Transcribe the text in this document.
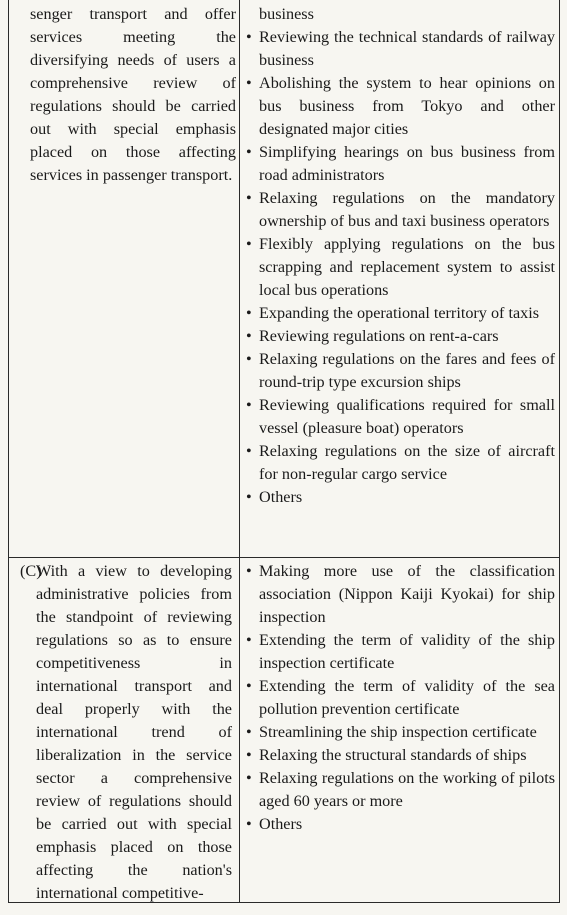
senger transport and offer services meeting the diversifying needs of users a comprehensive review of regulations should be carried out with special emphasis placed on those affecting services in passenger transport.
business
• Reviewing the technical standards of railway business
• Abolishing the system to hear opinions on bus business from Tokyo and other designated major cities
• Simplifying hearings on bus business from road administrators
• Relaxing regulations on the mandatory ownership of bus and taxi business operators
• Flexibly applying regulations on the bus scrapping and replacement system to assist local bus operations
• Expanding the operational territory of taxis
• Reviewing regulations on rent-a-cars
• Relaxing regulations on the fares and fees of round-trip type excursion ships
• Reviewing qualifications required for small vessel (pleasure boat) operators
• Relaxing regulations on the size of aircraft for non-regular cargo service
• Others
(C)
With a view to developing administrative policies from the standpoint of reviewing regulations so as to ensure competitiveness in international transport and deal properly with the international trend of liberalization in the service sector a comprehensive review of regulations should be carried out with special emphasis placed on those affecting the nation's international competitive-
• Making more use of the classification association (Nippon Kaiji Kyokai) for ship inspection
• Extending the term of validity of the ship inspection certificate
• Extending the term of validity of the sea pollution prevention certificate
• Streamlining the ship inspection certificate
• Relaxing the structural standards of ships
• Relaxing regulations on the working of pilots aged 60 years or more
• Others
